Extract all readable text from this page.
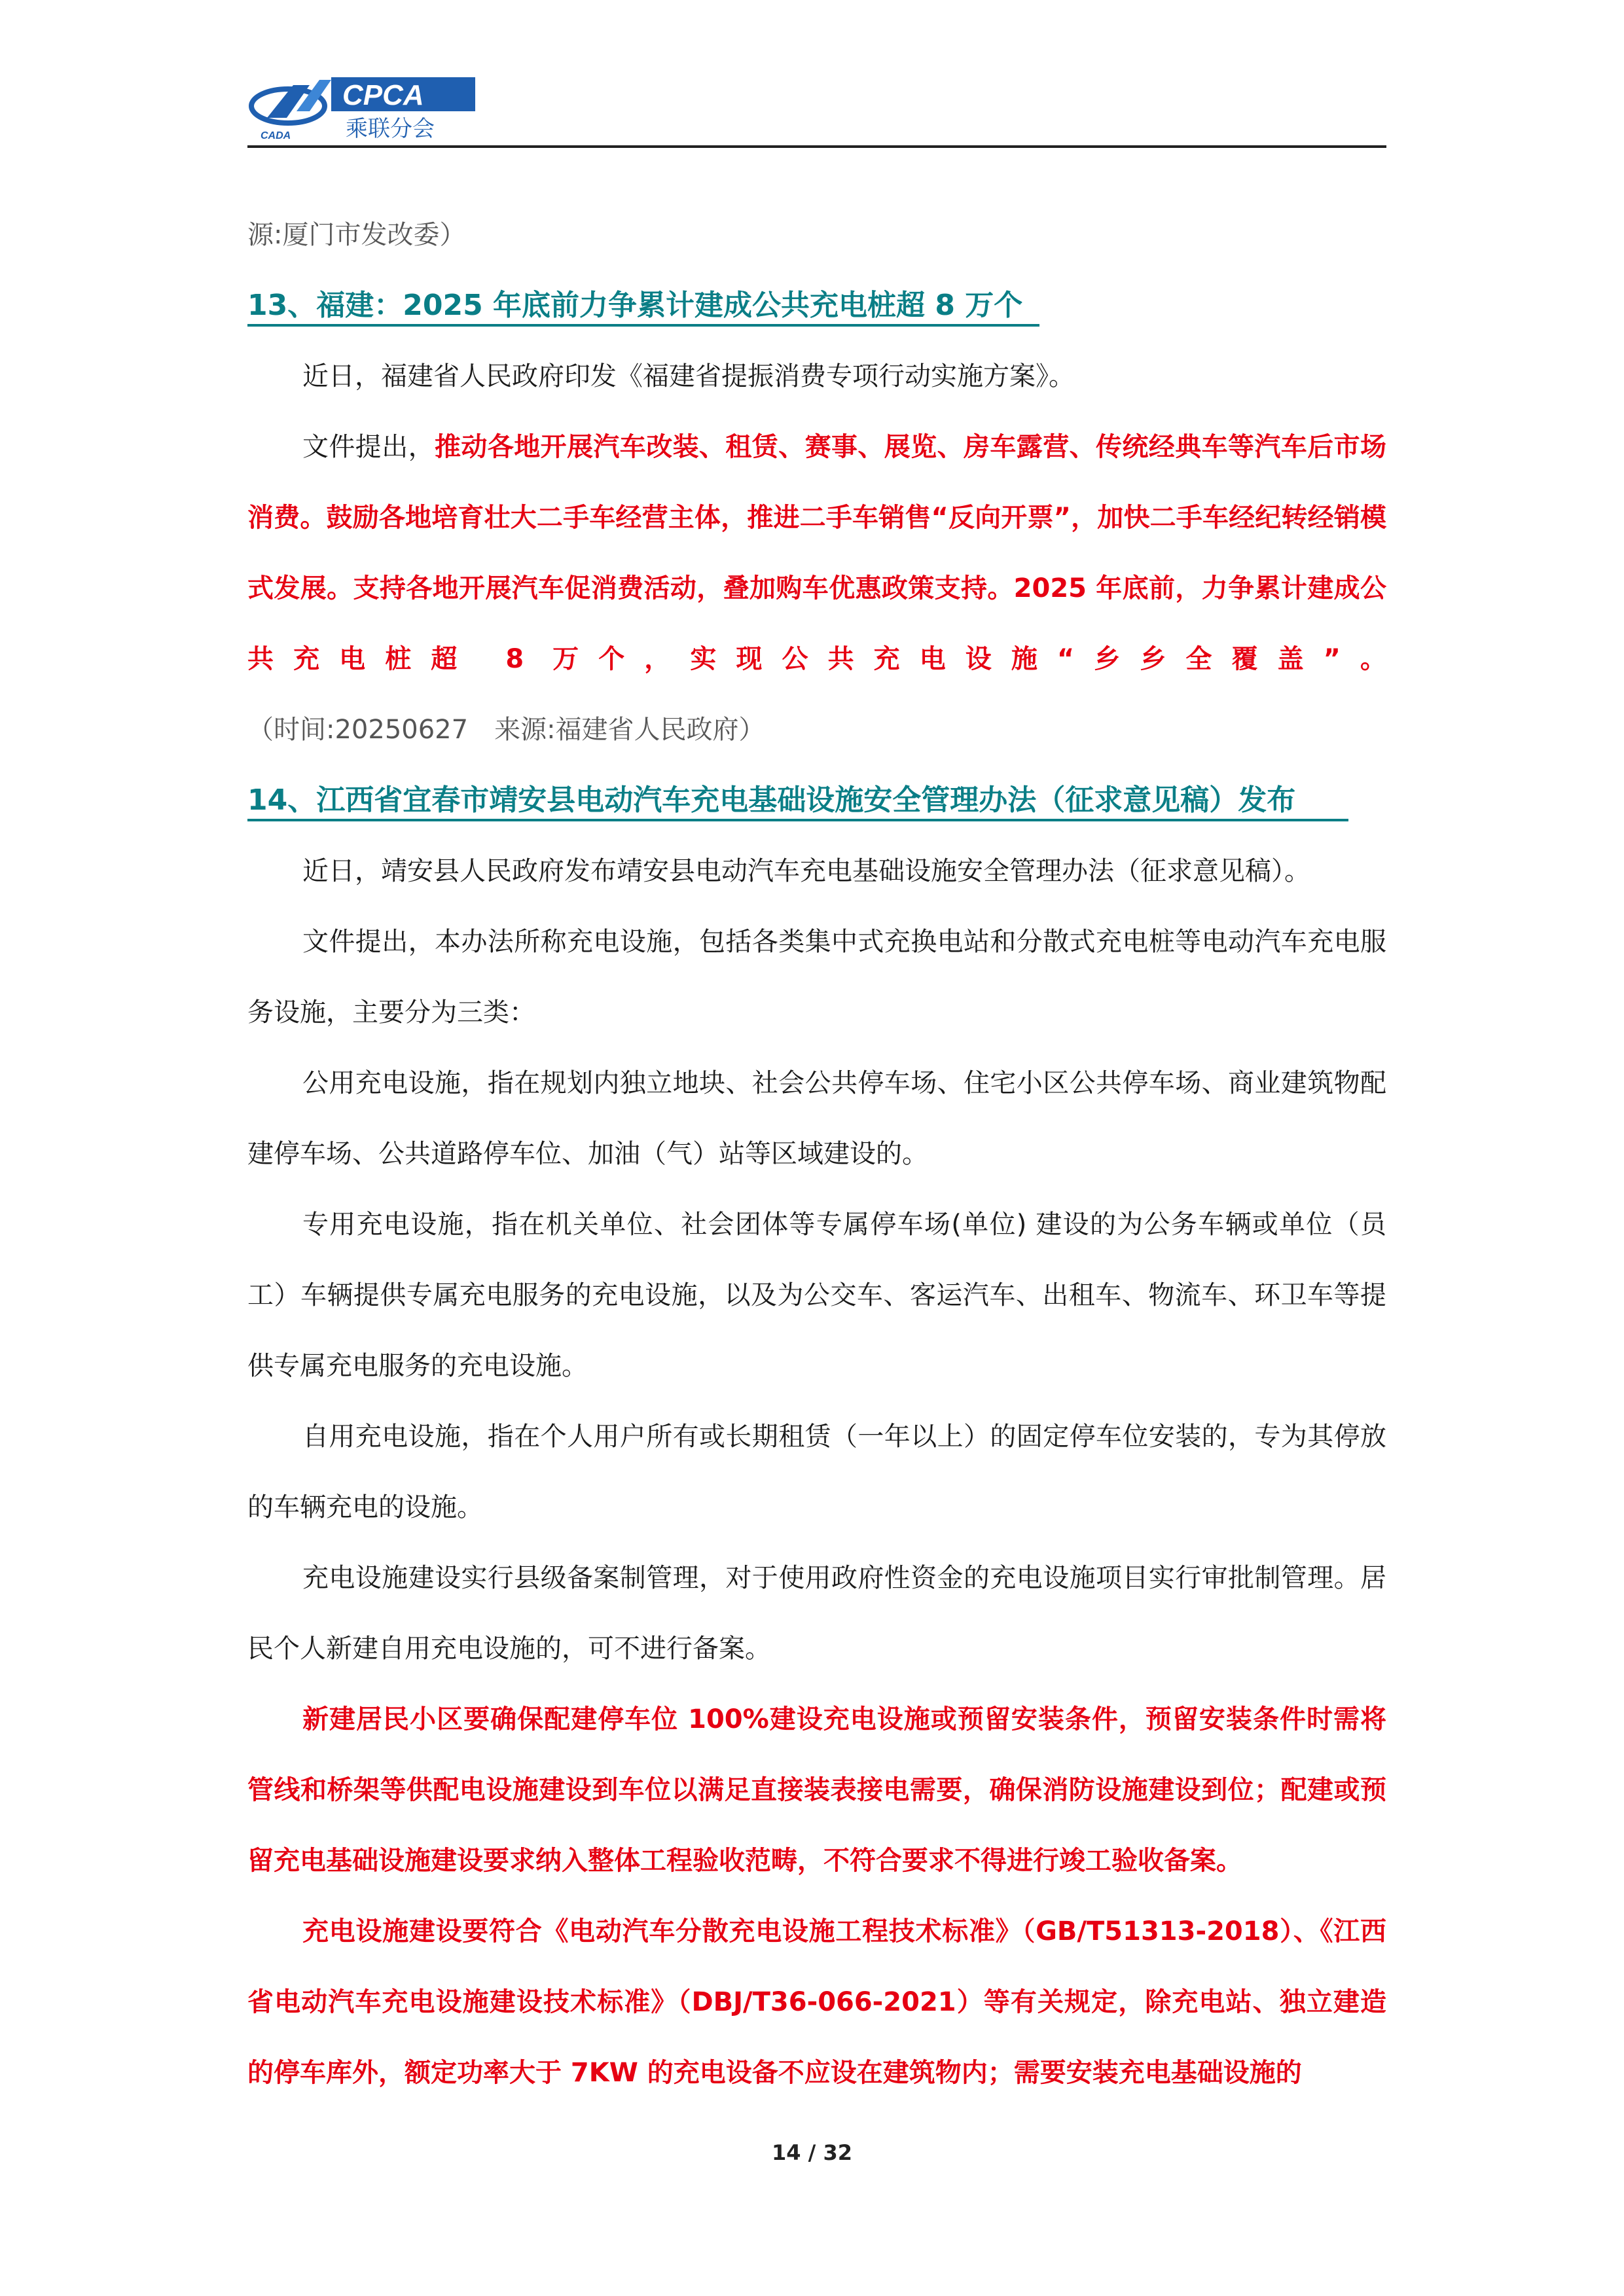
CADA
CPCA
乘联分会

源:厦门市发改委）

13、福建：2025 年底前力争累计建成公共充电桩超 8 万个

近日，福建省人民政府印发《福建省提振消费专项行动实施方案》。

文件提出，推动各地开展汽车改装、租赁、赛事、展览、房车露营、传统经典车等汽车后市场消费。鼓励各地培育壮大二手车经营主体，推进二手车销售“反向开票”，加快二手车经纪转经销模式发展。支持各地开展汽车促消费活动，叠加购车优惠政策支持。2025 年底前，力争累计建成公共充电桩超 8 万个，实现公共充电设施“乡乡全覆盖”。（时间:20250627　来源:福建省人民政府）

14、江西省宜春市靖安县电动汽车充电基础设施安全管理办法（征求意见稿）发布

近日，靖安县人民政府发布靖安县电动汽车充电基础设施安全管理办法（征求意见稿）。

文件提出，本办法所称充电设施，包括各类集中式充换电站和分散式充电桩等电动汽车充电服务设施，主要分为三类：

公用充电设施，指在规划内独立地块、社会公共停车场、住宅小区公共停车场、商业建筑物配建停车场、公共道路停车位、加油（气）站等区域建设的。

专用充电设施，指在机关单位、社会团体等专属停车场(单位) 建设的为公务车辆或单位（员工）车辆提供专属充电服务的充电设施，以及为公交车、客运汽车、出租车、物流车、环卫车等提供专属充电服务的充电设施。

自用充电设施，指在个人用户所有或长期租赁（一年以上）的固定停车位安装的，专为其停放的车辆充电的设施。

充电设施建设实行县级备案制管理，对于使用政府性资金的充电设施项目实行审批制管理。居民个人新建自用充电设施的，可不进行备案。

新建居民小区要确保配建停车位 100%建设充电设施或预留安装条件，预留安装条件时需将管线和桥架等供配电设施建设到车位以满足直接装表接电需要，确保消防设施建设到位；配建或预留充电基础设施建设要求纳入整体工程验收范畴，不符合要求不得进行竣工验收备案。

充电设施建设要符合《电动汽车分散充电设施工程技术标准》（GB/T51313-2018）、《江西省电动汽车充电设施建设技术标准》（DBJ/T36-066-2021）等有关规定，除充电站、独立建造的停车库外，额定功率大于 7KW 的充电设备不应设在建筑物内；需要安装充电基础设施的

14 / 32
